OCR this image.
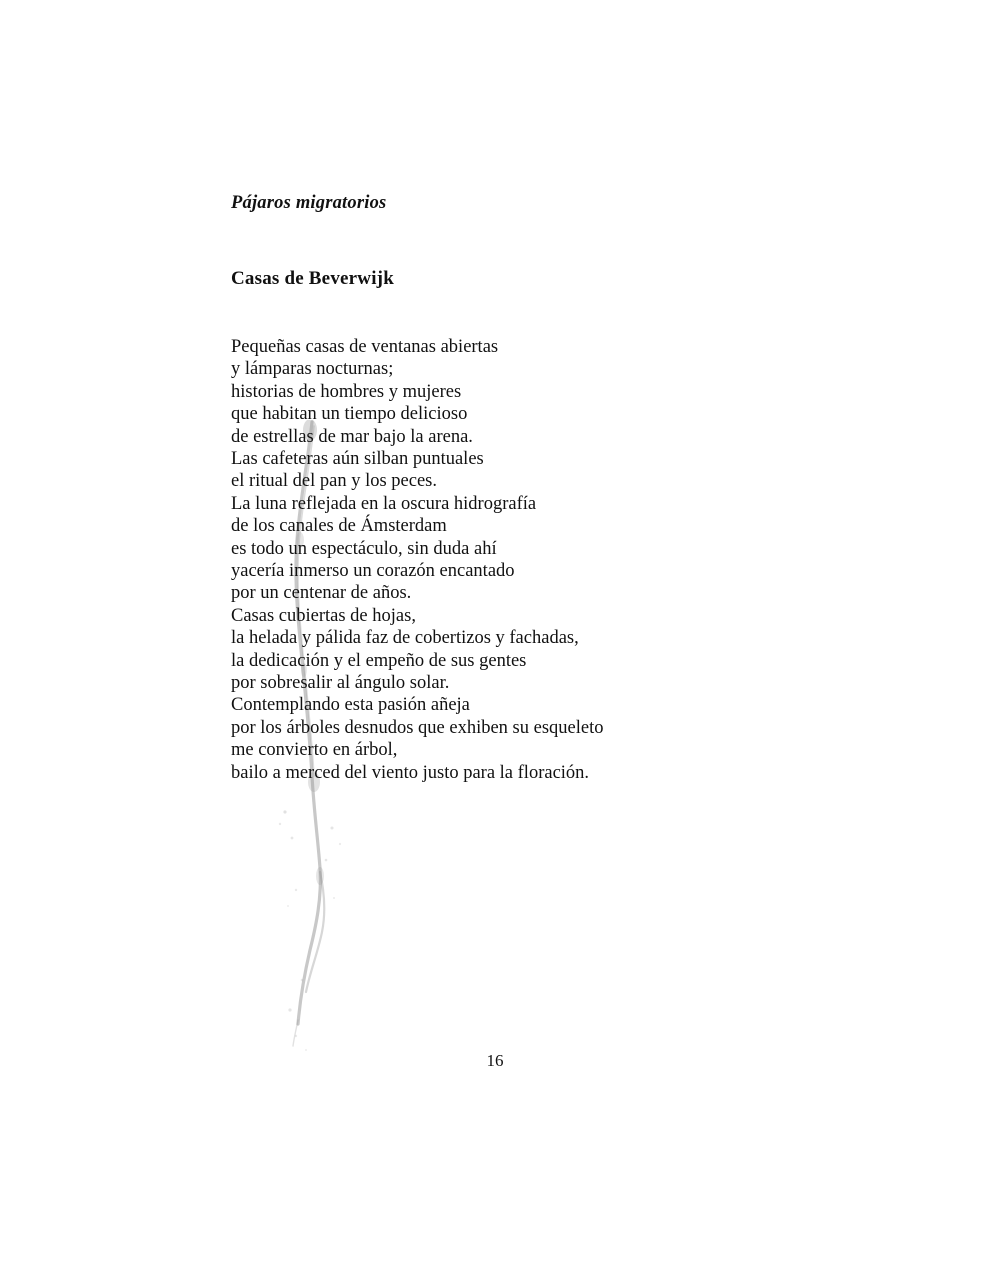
Pájaros migratorios
Casas de Beverwijk
Pequeñas casas de ventanas abiertas
y lámparas nocturnas;
historias de hombres y mujeres
que habitan un tiempo delicioso
de estrellas de mar bajo la arena.
Las cafeteras aún silban puntuales
el ritual del pan y los peces.
La luna reflejada en la oscura hidrografía
de los canales de Ámsterdam
es todo un espectáculo, sin duda ahí
yacería inmerso un corazón encantado
por un centenar de años.
Casas cubiertas de hojas,
la helada y pálida faz de cobertizos y fachadas,
la dedicación y el empeño de sus gentes
por sobresalir al ángulo solar.
Contemplando esta pasión añeja
por los árboles desnudos que exhiben su esqueleto
me convierto en árbol,
bailo a merced del viento justo para la floración.
16
